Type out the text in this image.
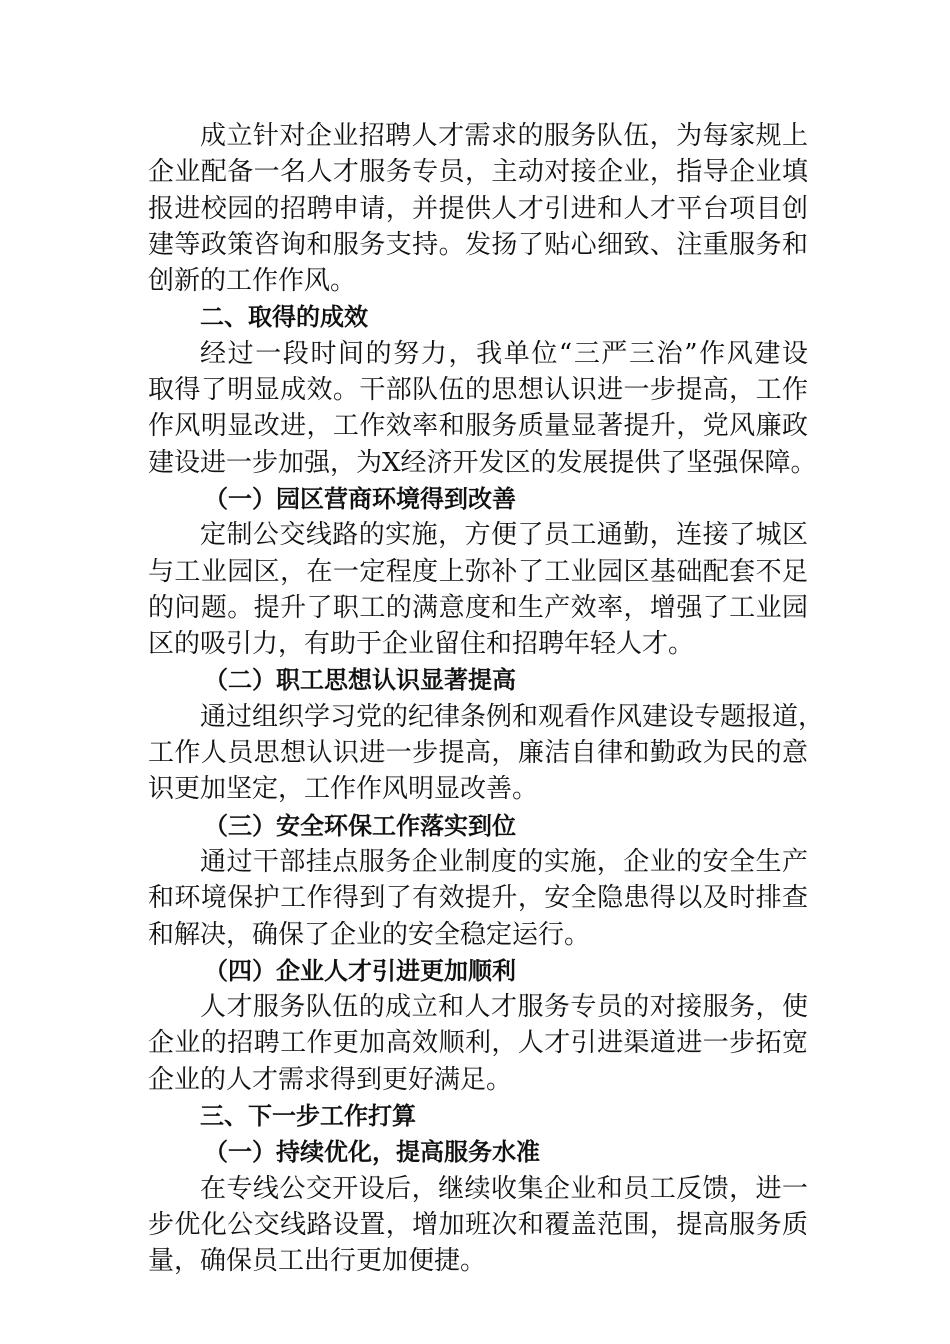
成立针对企业招聘人才需求的服务队伍，为每家规上
企业配备一名人才服务专员，主动对接企业，指导企业填
报进校园的招聘申请，并提供人才引进和人才平台项目创
建等政策咨询和服务支持。发扬了贴心细致、注重服务和
创新的工作作风。
二、取得的成效
经过一段时间的努力，我单位“三严三治”作风建设
取得了明显成效。干部队伍的思想认识进一步提高，工作
作风明显改进，工作效率和服务质量显著提升，党风廉政
建设进一步加强，为X经济开发区的发展提供了坚强保障。
（一）园区营商环境得到改善
定制公交线路的实施，方便了员工通勤，连接了城区
与工业园区，在一定程度上弥补了工业园区基础配套不足
的问题。提升了职工的满意度和生产效率，增强了工业园
区的吸引力，有助于企业留住和招聘年轻人才。
（二）职工思想认识显著提高
通过组织学习党的纪律条例和观看作风建设专题报道，
工作人员思想认识进一步提高，廉洁自律和勤政为民的意
识更加坚定，工作作风明显改善。
（三）安全环保工作落实到位
通过干部挂点服务企业制度的实施，企业的安全生产
和环境保护工作得到了有效提升，安全隐患得以及时排查
和解决，确保了企业的安全稳定运行。
（四）企业人才引进更加顺利
人才服务队伍的成立和人才服务专员的对接服务，使
企业的招聘工作更加高效顺利，人才引进渠道进一步拓宽
企业的人才需求得到更好满足。
三、下一步工作打算
（一）持续优化，提高服务水准
在专线公交开设后，继续收集企业和员工反馈，进一
步优化公交线路设置，增加班次和覆盖范围，提高服务质
量，确保员工出行更加便捷。
